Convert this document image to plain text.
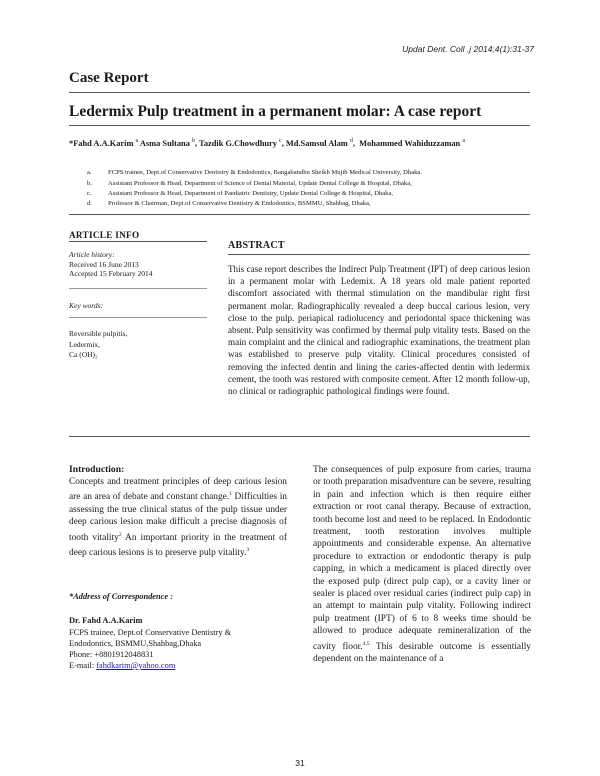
Updat Dent. Coll .j 2014;4(1):31-37
Case Report
Ledermix Pulp treatment in a permanent molar: A case report
*Fahd A.A.Karim $^a$ Asma Sultana $^b$, Tazdik G.Chowdhury $^c$, Md.Samsul Alam $^d$,  Mohammed Wahiduzzaman $^a$
a. FCPS trainee, Dept.of Conservative Dentistry & Endodontics, Bangabandhu Sheikh Mujib Medical University, Dhaka.
b. Assistant Professor & Head, Department of Science of Dental Material, Update Dental College & Hospital, Dhaka,
c. Assistant Professor & Head, Department of Paediatric Dentistry, Update Dental College & Hospital, Dhaka,
d. Professor & Chairman, Dept.of Conservative Dentistry & Endodontics, BSMMU, Shahbag, Dhaka,
ARTICLE INFO
Article history:
Received 16 June 2013
Accepted 15 February 2014
Key words:
Reversible pulpitis,
Ledermix,
Ca (OH)₂
ABSTRACT

This case report describes the Indirect Pulp Treatment (IPT) of deep carious lesion in a permanent molar with Ledemix. A 18 years old male patient reported discomfort associated with thermal stimulation on the mandibular right first permanent molar. Radiographically revealed a deep buccal carious lesion, very close to the pulp. periapical radiolucency and periodontal space thickening was absent. Pulp sensitivity was confirmed by thermal pulp vitality tests. Based on the main complaint and the clinical and radiographic examinations, the treatment plan was established to preserve pulp vitality. Clinical procedures consisted of removing the infected dentin and lining the caries-affected dentin with ledermix cement, the tooth was restored with composite cement. After 12 month follow-up, no clinical or radiographic pathological findings were found.

Introduction:

Concepts and treatment principles of deep carious lesion are an area of debate and constant change.$^1$ Difficulties in assessing the true clinical status of the pulp tissue under deep carious lesion make difficult a precise diagnosis of tooth vitality$^2$ An important priority in the treatment of deep carious lesions is to preserve pulp vitality.$^3$

*Address of Correspondence :
Dr. Fahd A.A.Karim
FCPS trainee, Dept.of Conservative Dentistry &
Endodontics, BSMMU,Shahbag,Dhaka
Phone: +8801912048831
E-mail: fahdkarim@yahoo.com

The consequences of pulp exposure from caries, trauma or tooth preparation misadventure can be severe, resulting in pain and infection which is then require either extraction or root canal therapy. Because of extraction, tooth become lost and need to be replaced. In Endodontic treatment, tooth restoration involves multiple appointments and considerable expense. An alternative procedure to extraction or endodontic therapy is pulp capping, in which a medicament is placed directly over the exposed pulp (direct pulp cap), or a cavity liner or sealer is placed over residual caries (indirect pulp cap) in an attempt to maintain pulp vitality. Following indirect pulp treatment (IPT) of 6 to 8 weeks time should be allowed to produce adequate remineralization of the cavity floor.$^{4,5}$ This desirable outcome is essentially dependent on the maintenance of a

31
